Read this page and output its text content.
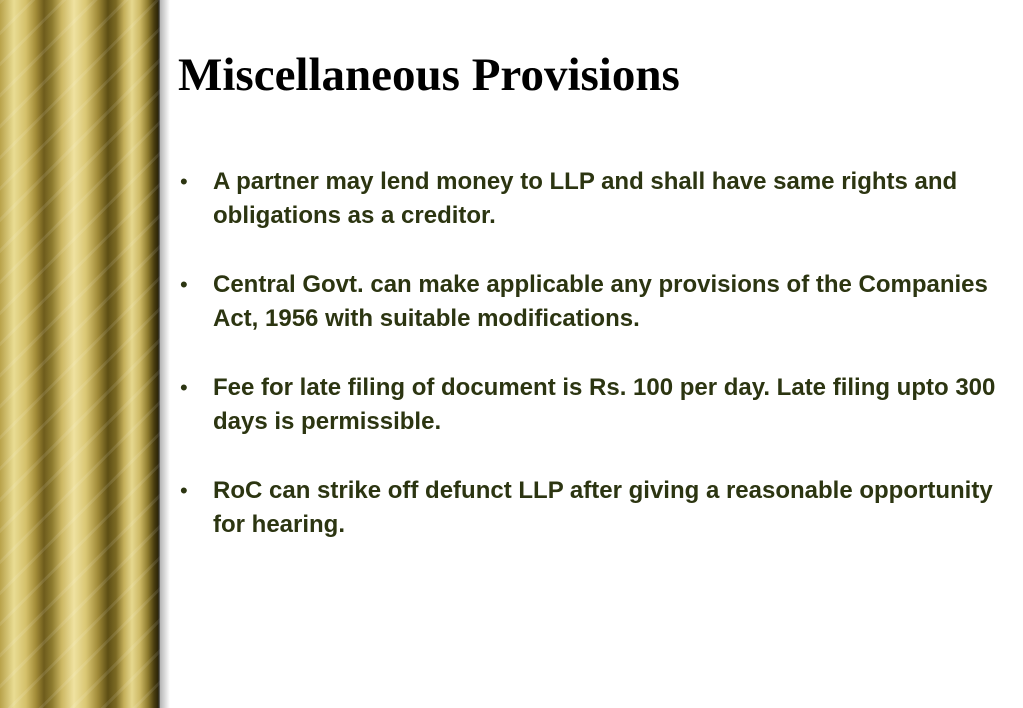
Miscellaneous Provisions
• A partner may lend money to LLP and shall have same rights and obligations as a creditor.
• Central Govt. can make applicable any provisions of the Companies Act, 1956 with suitable modifications.
• Fee for late filing of document is Rs. 100 per day. Late filing upto 300 days is permissible.
• RoC can strike off defunct LLP after giving a reasonable opportunity for hearing.
